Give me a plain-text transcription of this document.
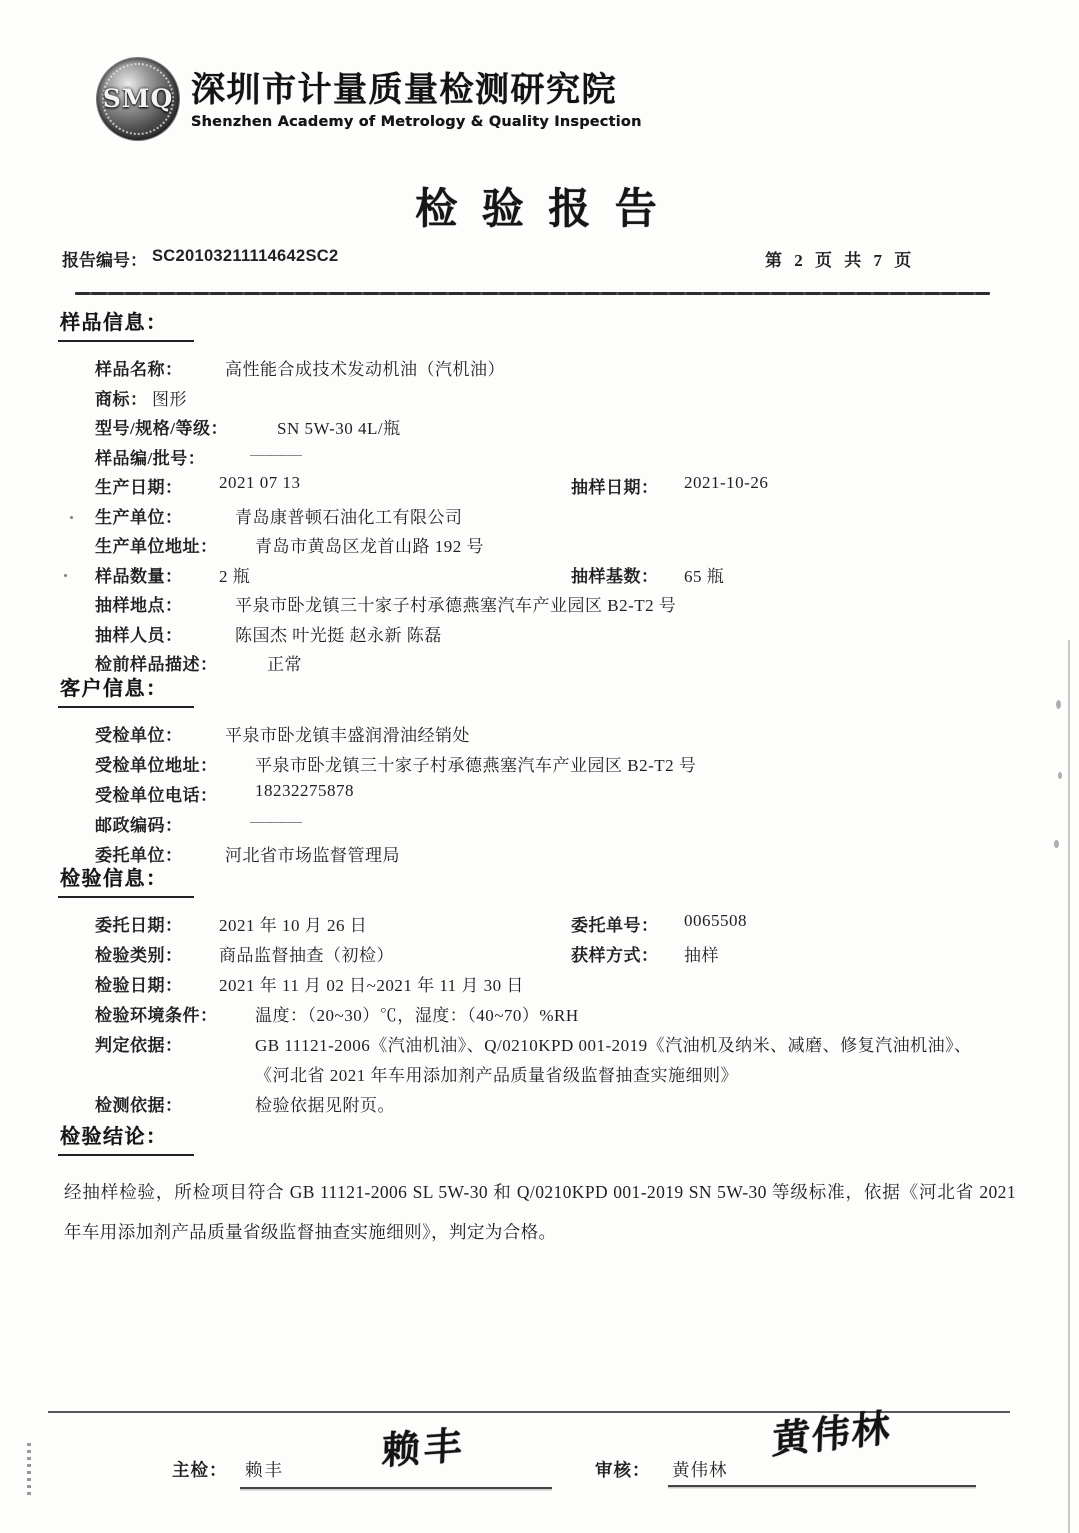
SMQ 深圳市计量质量检测研究院
Shenzhen Academy of Metrology & Quality Inspection
检 验 报 告
报告编号： SC20103211114642SC2	第 2 页 共 7 页
样品信息：
样品名称：	高性能合成技术发动机油（汽机油）
商标： 图形
型号/规格/等级：	SN 5W-30 4L/瓶
样品编/批号：	—————
生产日期： 2021 07 13	抽样日期： 2021-10-26
生产单位：	青岛康普顿石油化工有限公司
生产单位地址： 青岛市黄岛区龙首山路 192 号
样品数量： 2 瓶	抽样基数： 65 瓶
抽样地点：	平泉市卧龙镇三十家子村承德燕塞汽车产业园区 B2-T2 号
抽样人员：	陈国杰 叶光挺 赵永新 陈磊
检前样品描述：	正常
客户信息：
受检单位：	平泉市卧龙镇丰盛润滑油经销处
受检单位地址： 平泉市卧龙镇三十家子村承德燕塞汽车产业园区 B2-T2 号
受检单位电话： 18232275878
邮政编码：	—————
委托单位：	河北省市场监督管理局
检验信息：
委托日期： 2021 年 10 月 26 日	委托单号： 0065508
检验类别： 商品监督抽查（初检）	获样方式： 抽样
检验日期： 2021 年 11 月 02 日~2021 年 11 月 30 日
检验环境条件： 温度：（20~30）℃，湿度：（40~70）%RH
判定依据：	GB 11121-2006《汽油机油》、Q/0210KPD 001-2019《汽油机及纳米、减磨、修复汽油机油》、《河北省 2021 年车用添加剂产品质量省级监督抽查实施细则》
检测依据：	检验依据见附页。
检验结论：
经抽样检验，所检项目符合 GB 11121-2006 SL 5W-30 和 Q/0210KPD 001-2019 SN 5W-30 等级标准，依据《河北省 2021 年车用添加剂产品质量省级监督抽查实施细则》，判定为合格。
主检： 赖丰	赖丰	审核： 黄伟林
黄伟林
